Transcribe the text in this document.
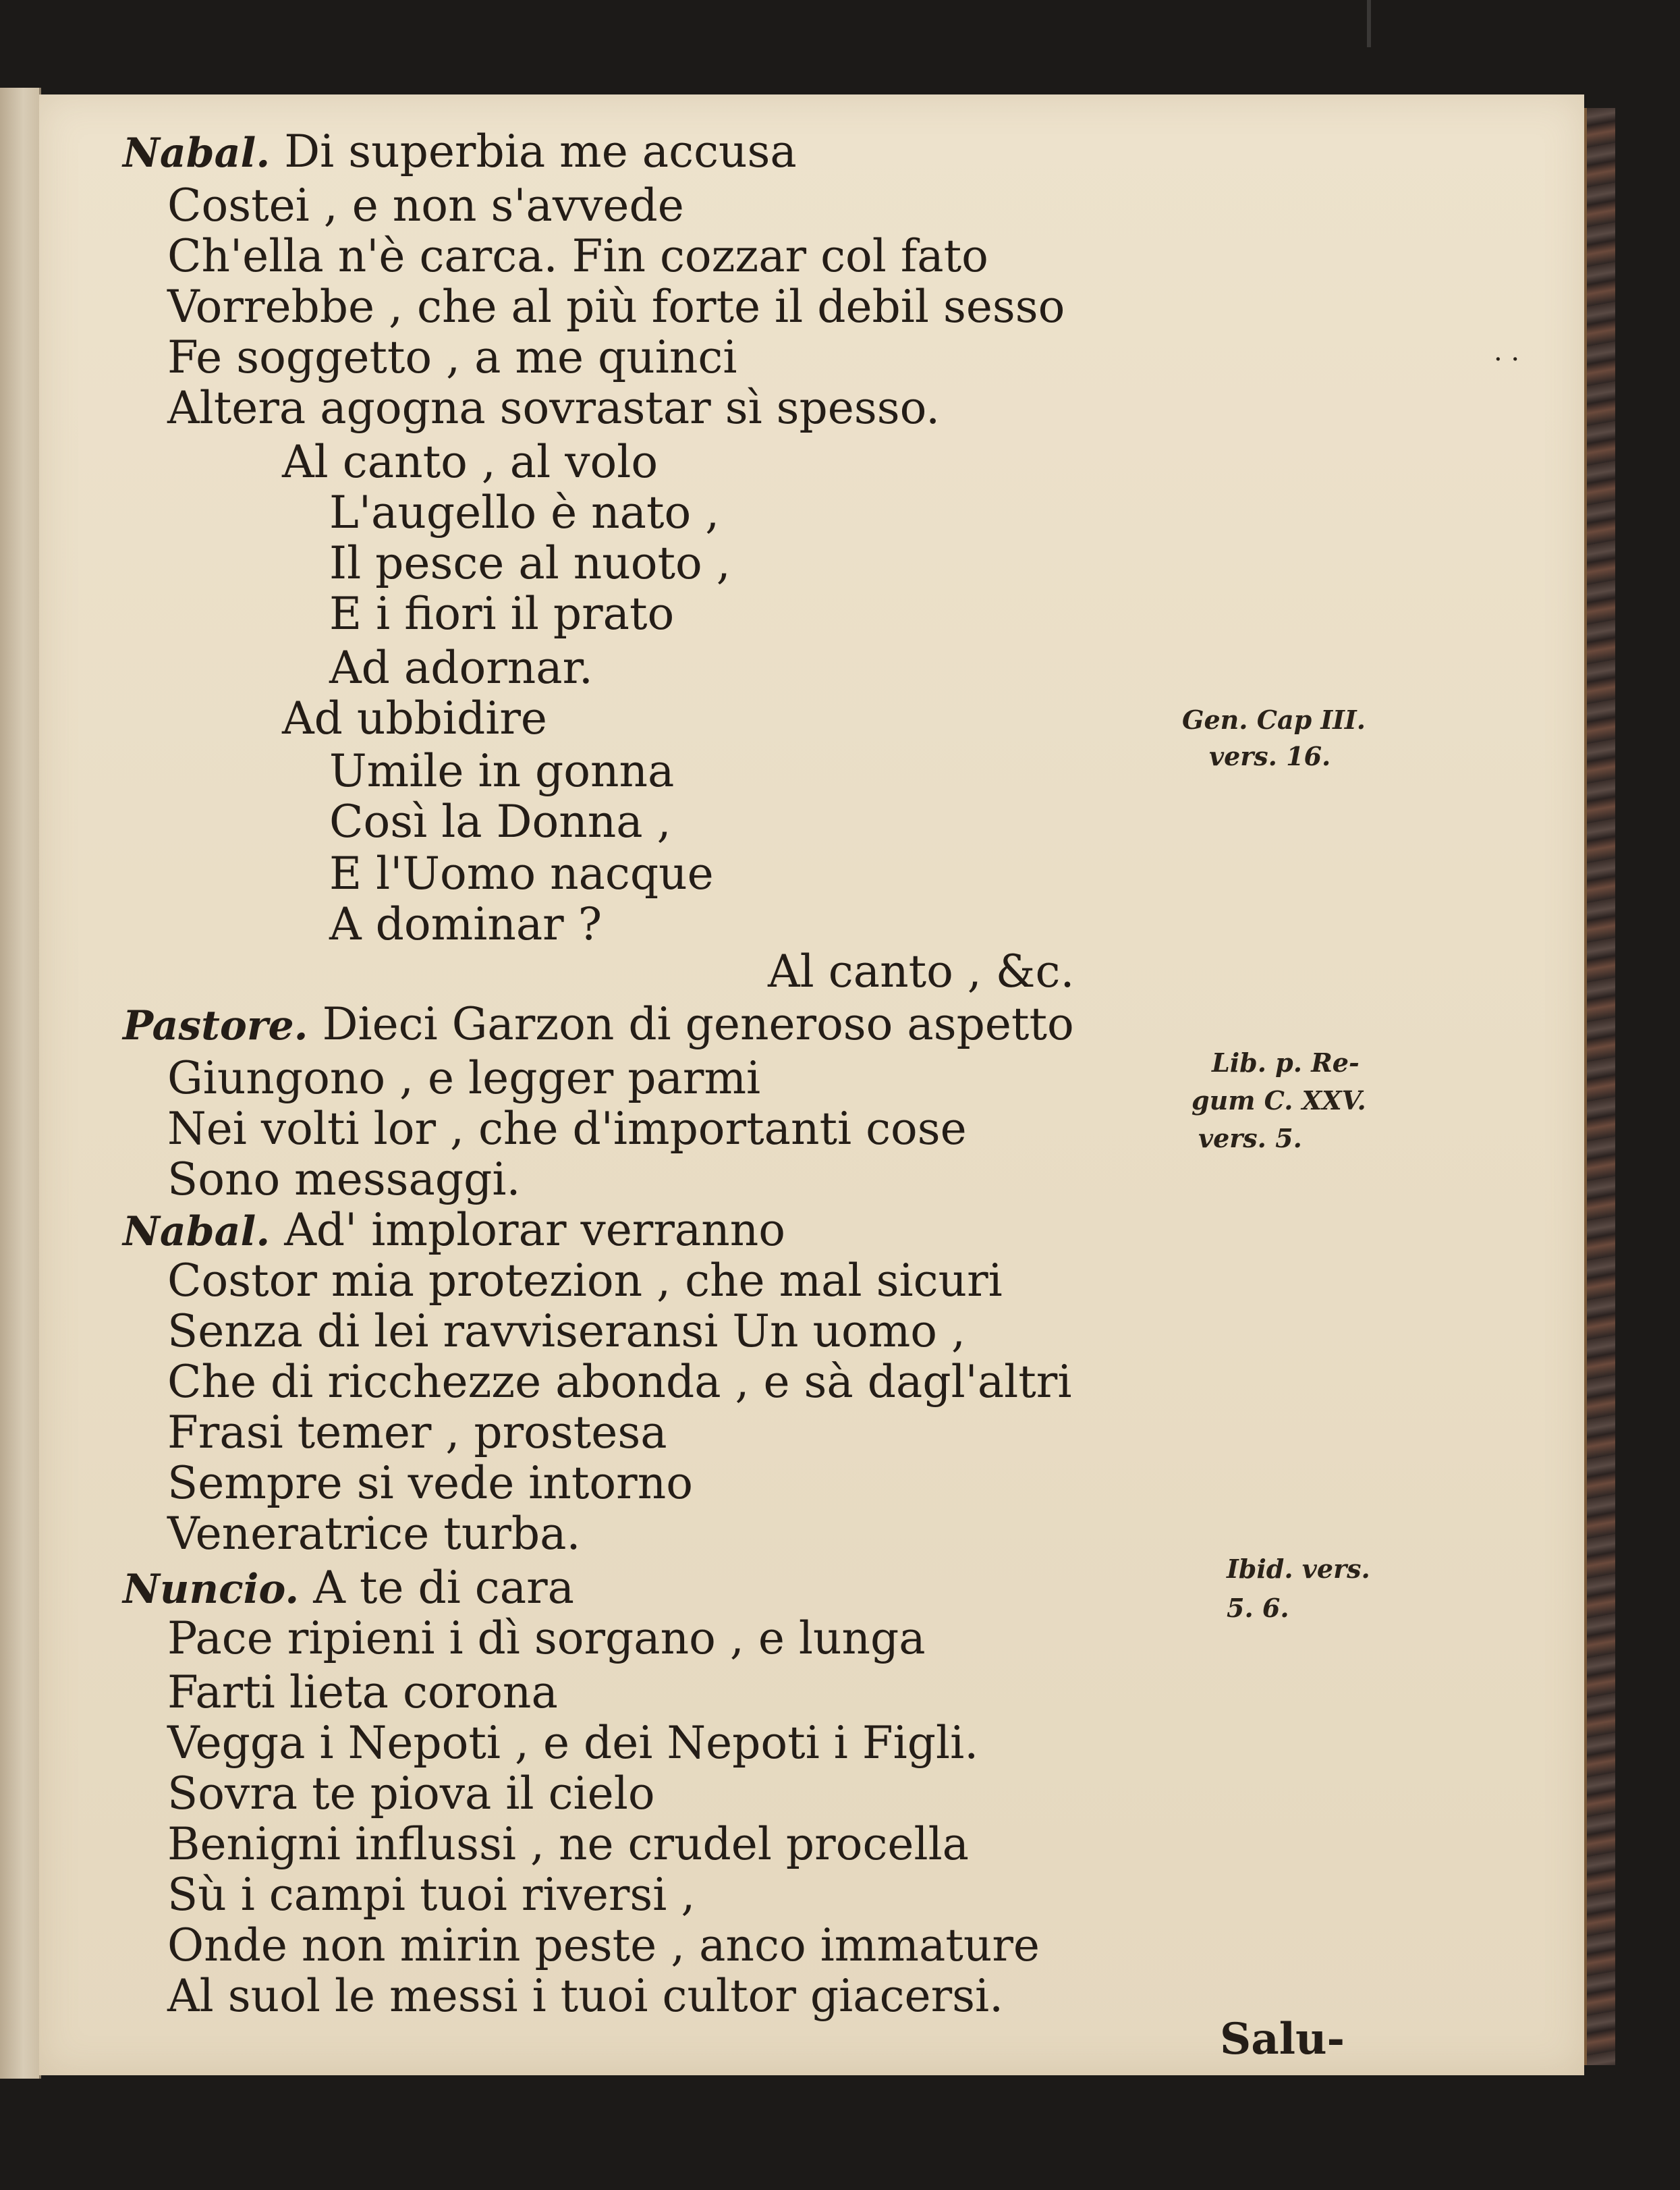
Nabal. Di superbia me accusa
Costei , e non s'avvede
Ch'ella n'è carca. Fin cozzar col fato
Vorrebbe , che al più forte il debil sesso
Fe soggetto , a me quinci
Altera agogna sovrastar sì spesso.
Al canto , al volo
L'augello è nato ,
Il pesce al nuoto ,
E i fiori il prato
Ad adornar.
Ad ubbidire
Umile in gonna
Così la Donna ,
E l'Uomo nacque
A dominar ?
Al canto , &c.
Pastore. Dieci Garzon di generoso aspetto
Giungono , e legger parmi
Nei volti lor , che d'importanti cose
Sono messaggi.
Nabal. Ad' implorar verranno
Costor mia protezion , che mal sicuri
Senza di lei ravviseransi Un uomo ,
Che di ricchezze abonda , e sà dagl'altri
Frasi temer , prostesa
Sempre si vede intorno
Veneratrice turba.
Nuncio. A te di cara
Pace ripieni i dì sorgano , e lunga
Farti lieta corona
Vegga i Nepoti , e dei Nepoti i Figli.
Sovra te piova il cielo
Benigni influssi , ne crudel procella
Sù i campi tuoi riversi ,
Onde non mirin peste , anco immature
Al suol le messi i tuoi cultor giacersi.
Gen. Cap III.
vers. 16.
Lib. p. Re-
gum C. XXV.
vers. 5.
Ibid. vers.
5. 6.
Salu-
· ·
